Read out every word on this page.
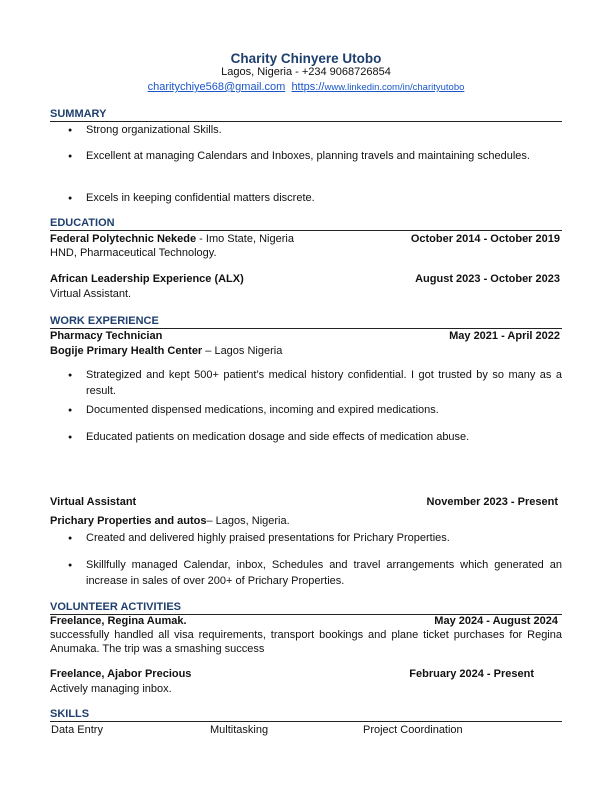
Charity Chinyere Utobo
Lagos, Nigeria - +234 9068726854
charitychiye568@gmail.com https://www.linkedin.com/in/charityutobo
SUMMARY
● Strong organizational Skills.
● Excellent at managing Calendars and Inboxes, planning travels and maintaining schedules.
● Excels in keeping confidential matters discrete.
EDUCATION
Federal Polytechnic Nekede - Imo State, Nigeria	October 2014 - October 2019
HND, Pharmaceutical Technology.
African Leadership Experience (ALX)	August 2023 - October 2023
Virtual Assistant.
WORK EXPERIENCE
Pharmacy Technician	May 2021 - April 2022
Bogije Primary Health Center – Lagos Nigeria
● Strategized and kept 500+ patient’s medical history confidential. I got trusted by so many as a result.
● Documented dispensed medications, incoming and expired medications.
● Educated patients on medication dosage and side effects of medication abuse.
Virtual Assistant	November 2023 - Present
Prichary Properties and autos– Lagos, Nigeria.
● Created and delivered highly praised presentations for Prichary Properties.
● Skillfully managed Calendar, inbox, Schedules and travel arrangements which generated an increase in sales of over 200+ of Prichary Properties.
VOLUNTEER ACTIVITIES
Freelance, Regina Aumak.	May 2024 - August 2024
successfully handled all visa requirements, transport bookings and plane ticket purchases for Regina Anumaka. The trip was a smashing success
Freelance, Ajabor Precious	February 2024 - Present
Actively managing inbox.
SKILLS
Data Entry	Multitasking	Project Coordination
